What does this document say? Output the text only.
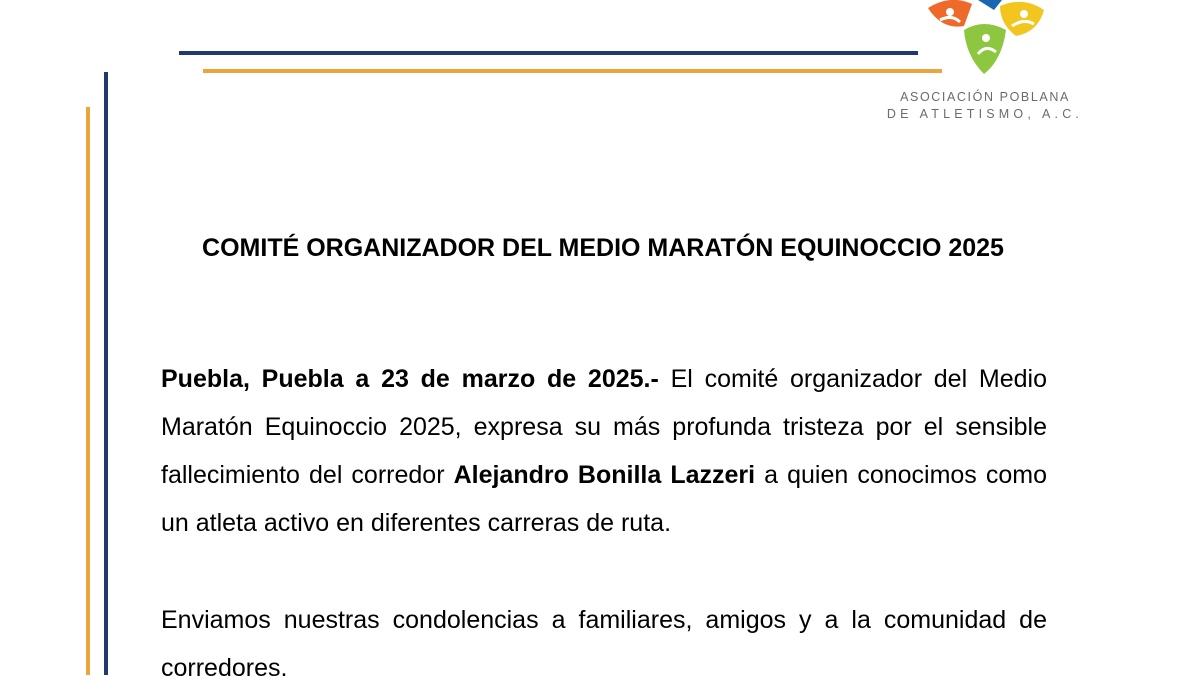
ASOCIACIÓN POBLANA
DE ATLETISMO, A.C.
COMITÉ ORGANIZADOR DEL MEDIO MARATÓN EQUINOCCIO 2025

Puebla, Puebla a 23 de marzo de 2025.- El comité organizador del Medio Maratón Equinoccio 2025, expresa su más profunda tristeza por el sensible fallecimiento del corredor Alejandro Bonilla Lazzeri a quien conocimos como un atleta activo en diferentes carreras de ruta.

Enviamos nuestras condolencias a familiares, amigos y a la comunidad de corredores.
